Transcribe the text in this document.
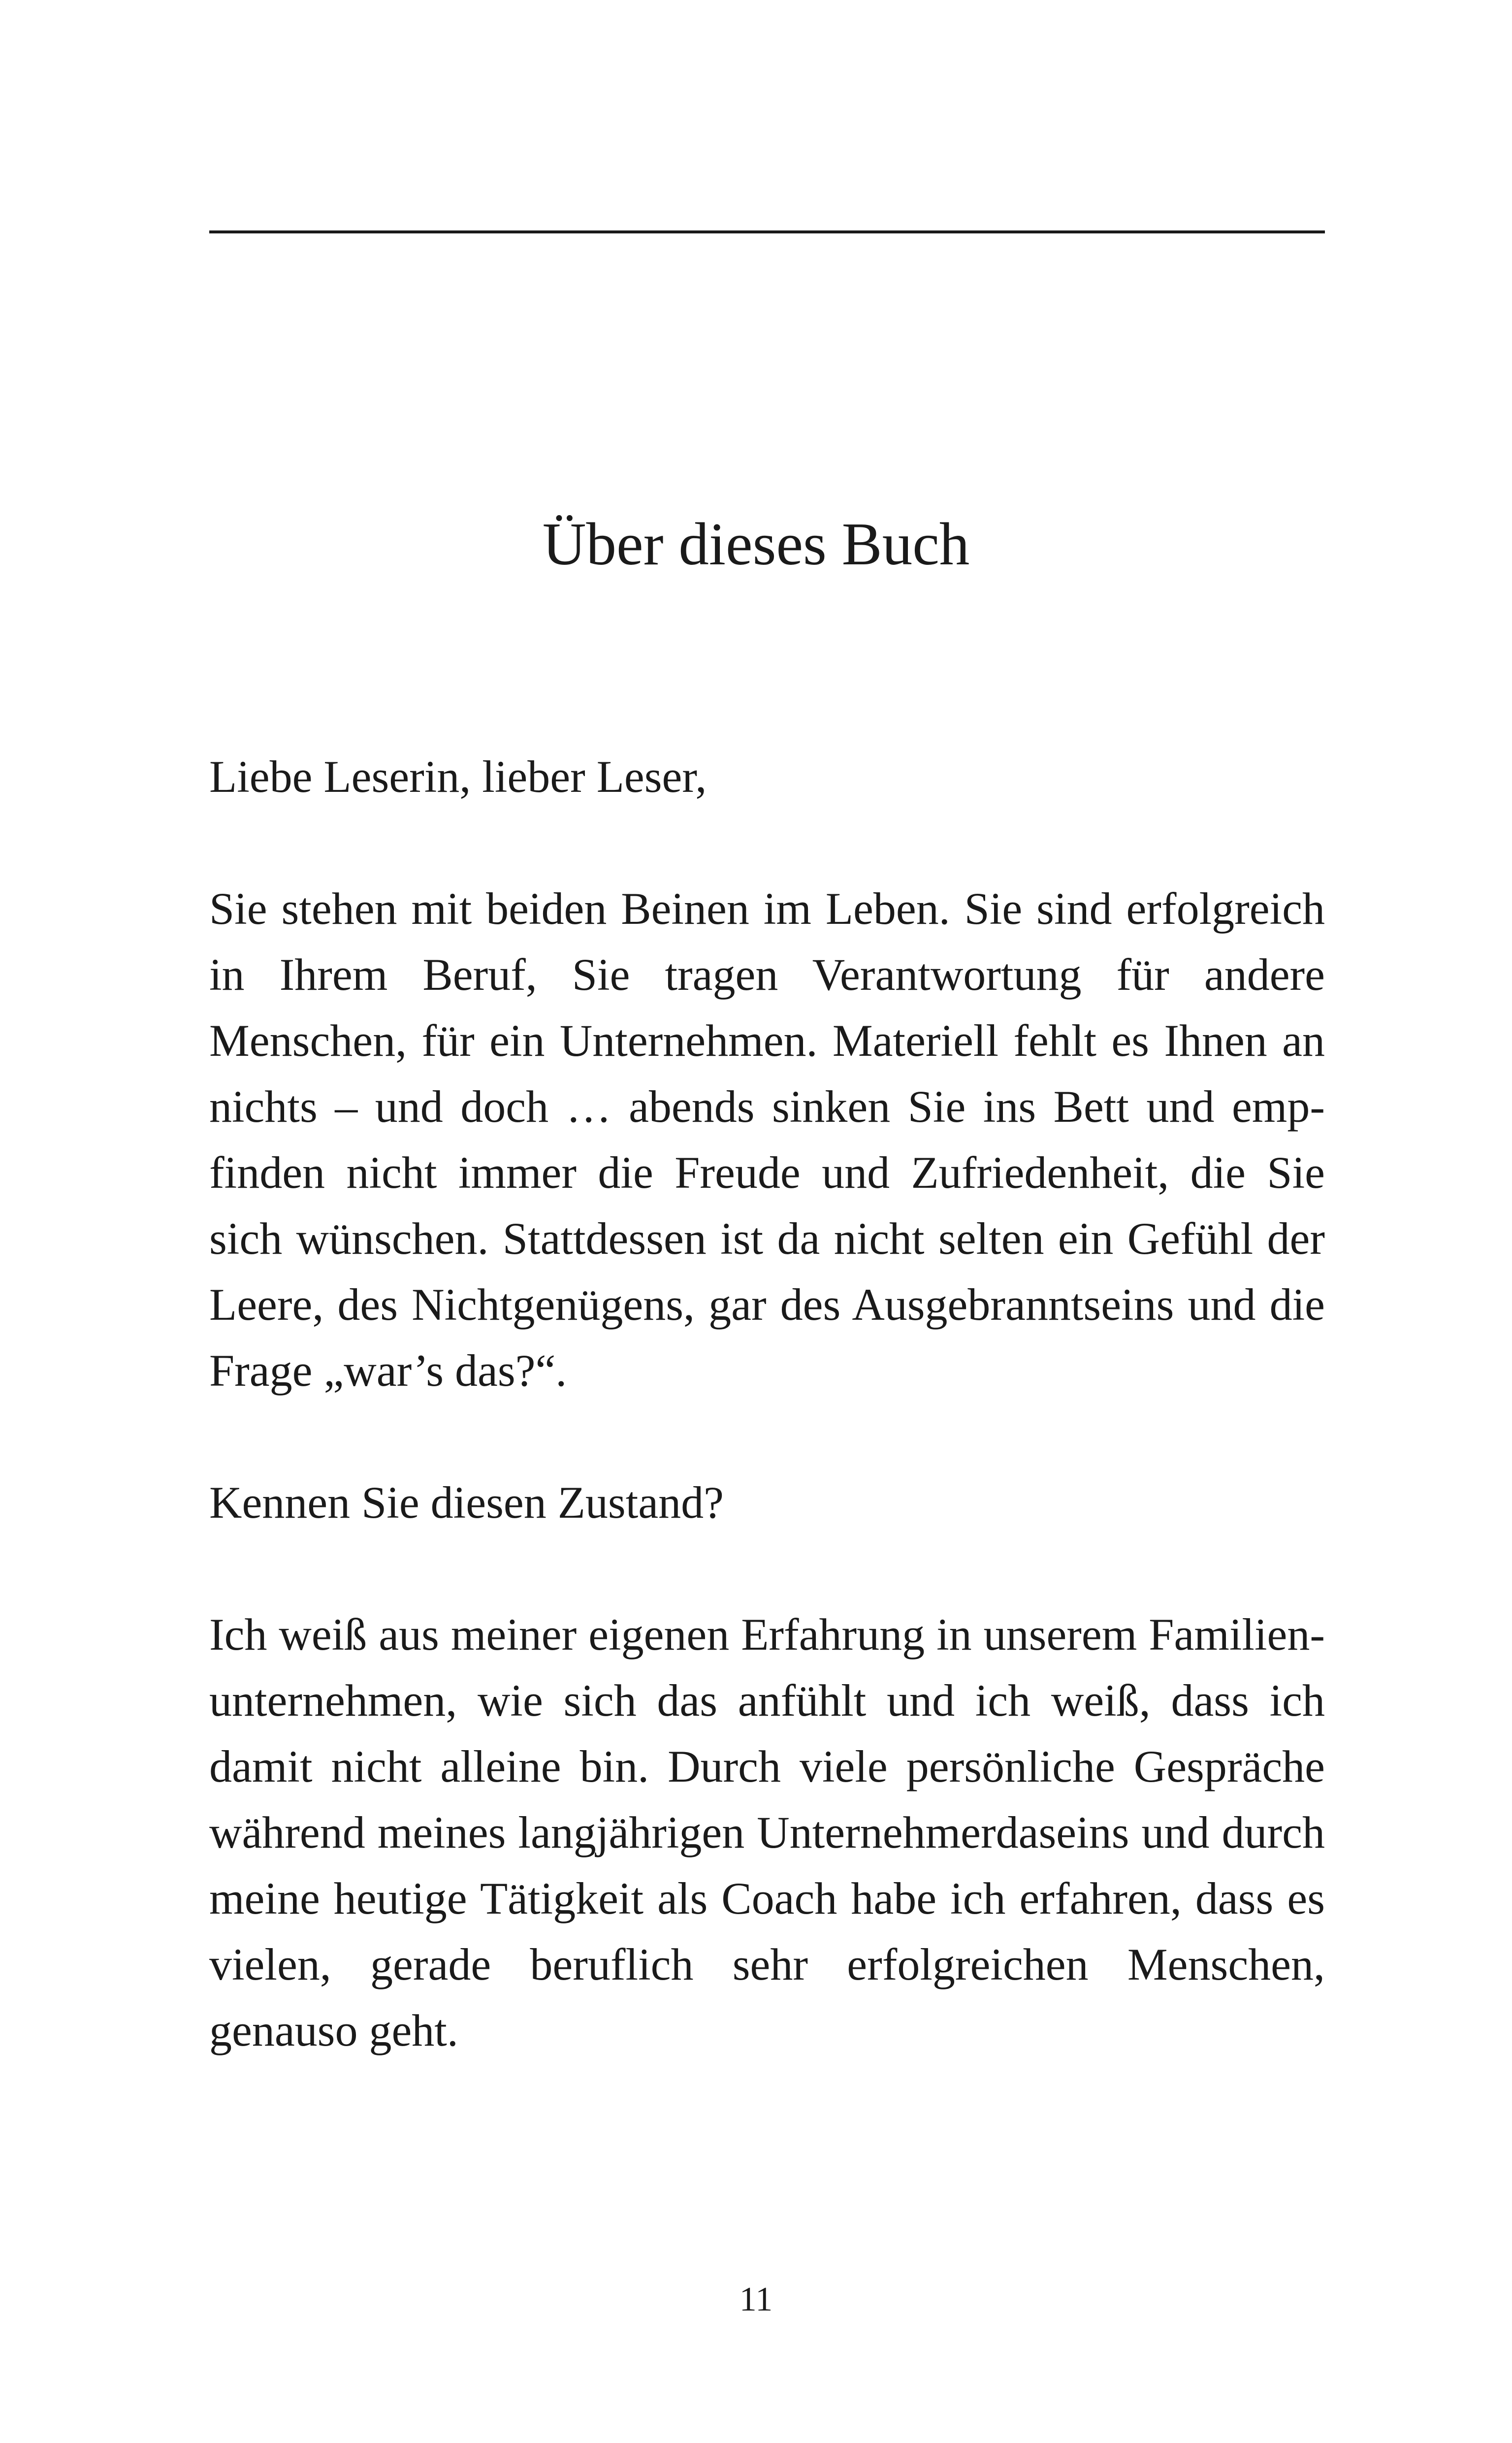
Über dieses Buch

Liebe Leserin, lieber Leser,

Sie stehen mit beiden Beinen im Leben. Sie sind erfolgreich in Ihrem Beruf, Sie tragen Verantwortung für andere Menschen, für ein Unternehmen. Materiell fehlt es Ihnen an nichts – und doch … abends sinken Sie ins Bett und empfinden nicht immer die Freude und Zufriedenheit, die Sie sich wünschen. Stattdessen ist da nicht selten ein Gefühl der Leere, des Nichtgenügens, gar des Ausgebranntseins und die Frage „war’s das?“.

Kennen Sie diesen Zustand?

Ich weiß aus meiner eigenen Erfahrung in unserem Familienunternehmen, wie sich das anfühlt und ich weiß, dass ich damit nicht alleine bin. Durch viele persönliche Gespräche während meines langjährigen Unternehmerdaseins und durch meine heutige Tätigkeit als Coach habe ich erfahren, dass es vielen, gerade beruflich sehr erfolgreichen Menschen, genauso geht.

11
